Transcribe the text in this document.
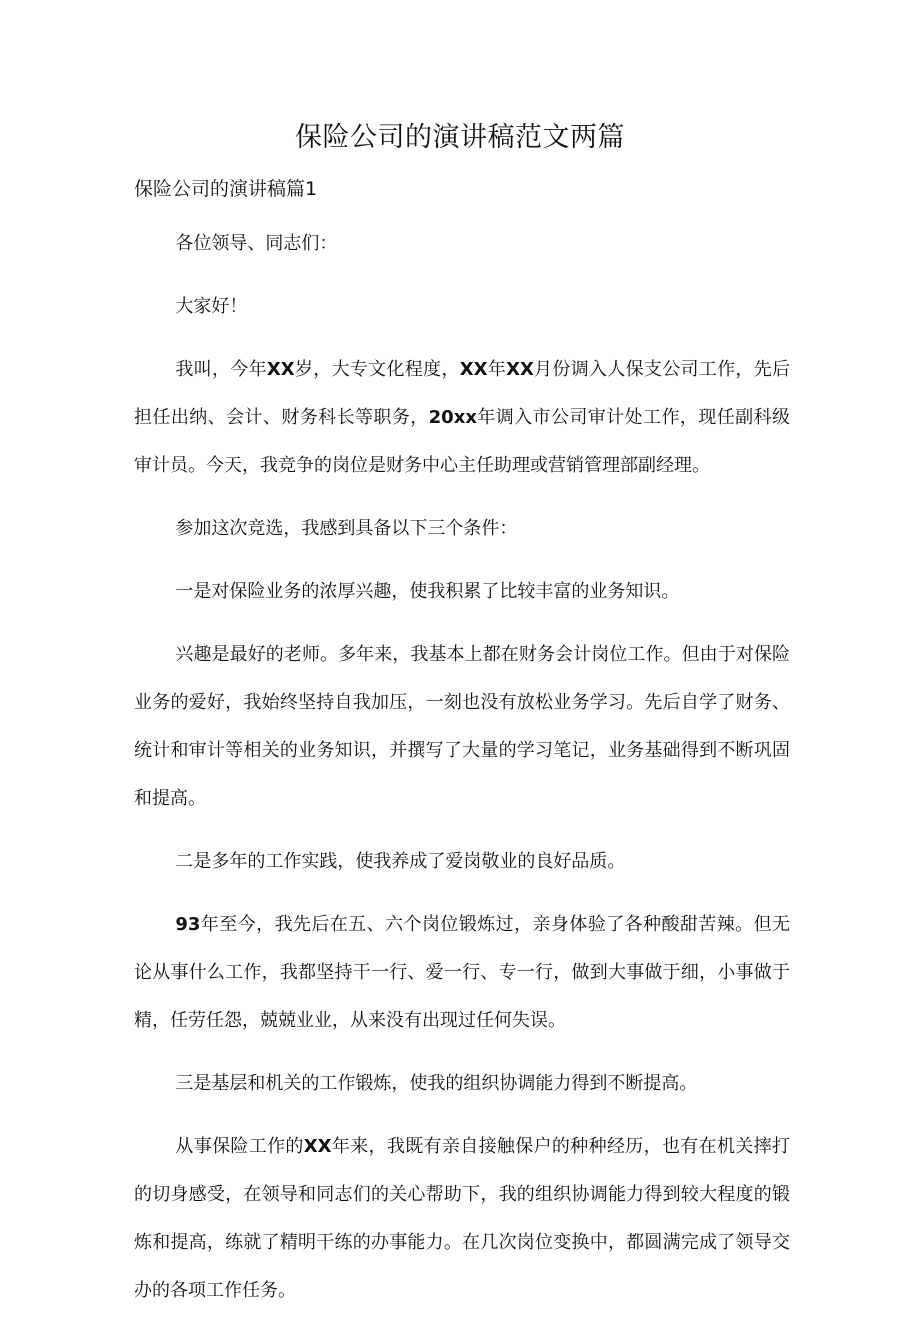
保险公司的演讲稿范文两篇
保险公司的演讲稿篇1

各位领导、同志们：

大家好！

我叫，今年XX岁，大专文化程度，XX年XX月份调入人保支公司工作，先后担任出纳、会计、财务科长等职务，20xx年调入市公司审计处工作，现任副科级审计员。今天，我竞争的岗位是财务中心主任助理或营销管理部副经理。

参加这次竞选，我感到具备以下三个条件：

一是对保险业务的浓厚兴趣，使我积累了比较丰富的业务知识。

兴趣是最好的老师。多年来，我基本上都在财务会计岗位工作。但由于对保险业务的爱好，我始终坚持自我加压，一刻也没有放松业务学习。先后自学了财务、统计和审计等相关的业务知识，并撰写了大量的学习笔记，业务基础得到不断巩固和提高。

二是多年的工作实践，使我养成了爱岗敬业的良好品质。

93年至今，我先后在五、六个岗位锻炼过，亲身体验了各种酸甜苦辣。但无论从事什么工作，我都坚持干一行、爱一行、专一行，做到大事做于细，小事做于精，任劳任怨，兢兢业业，从来没有出现过任何失误。

三是基层和机关的工作锻炼，使我的组织协调能力得到不断提高。

从事保险工作的XX年来，我既有亲自接触保户的种种经历，也有在机关摔打的切身感受，在领导和同志们的关心帮助下，我的组织协调能力得到较大程度的锻炼和提高，练就了精明干练的办事能力。在几次岗位变换中，都圆满完成了领导交办的各项工作任务。
